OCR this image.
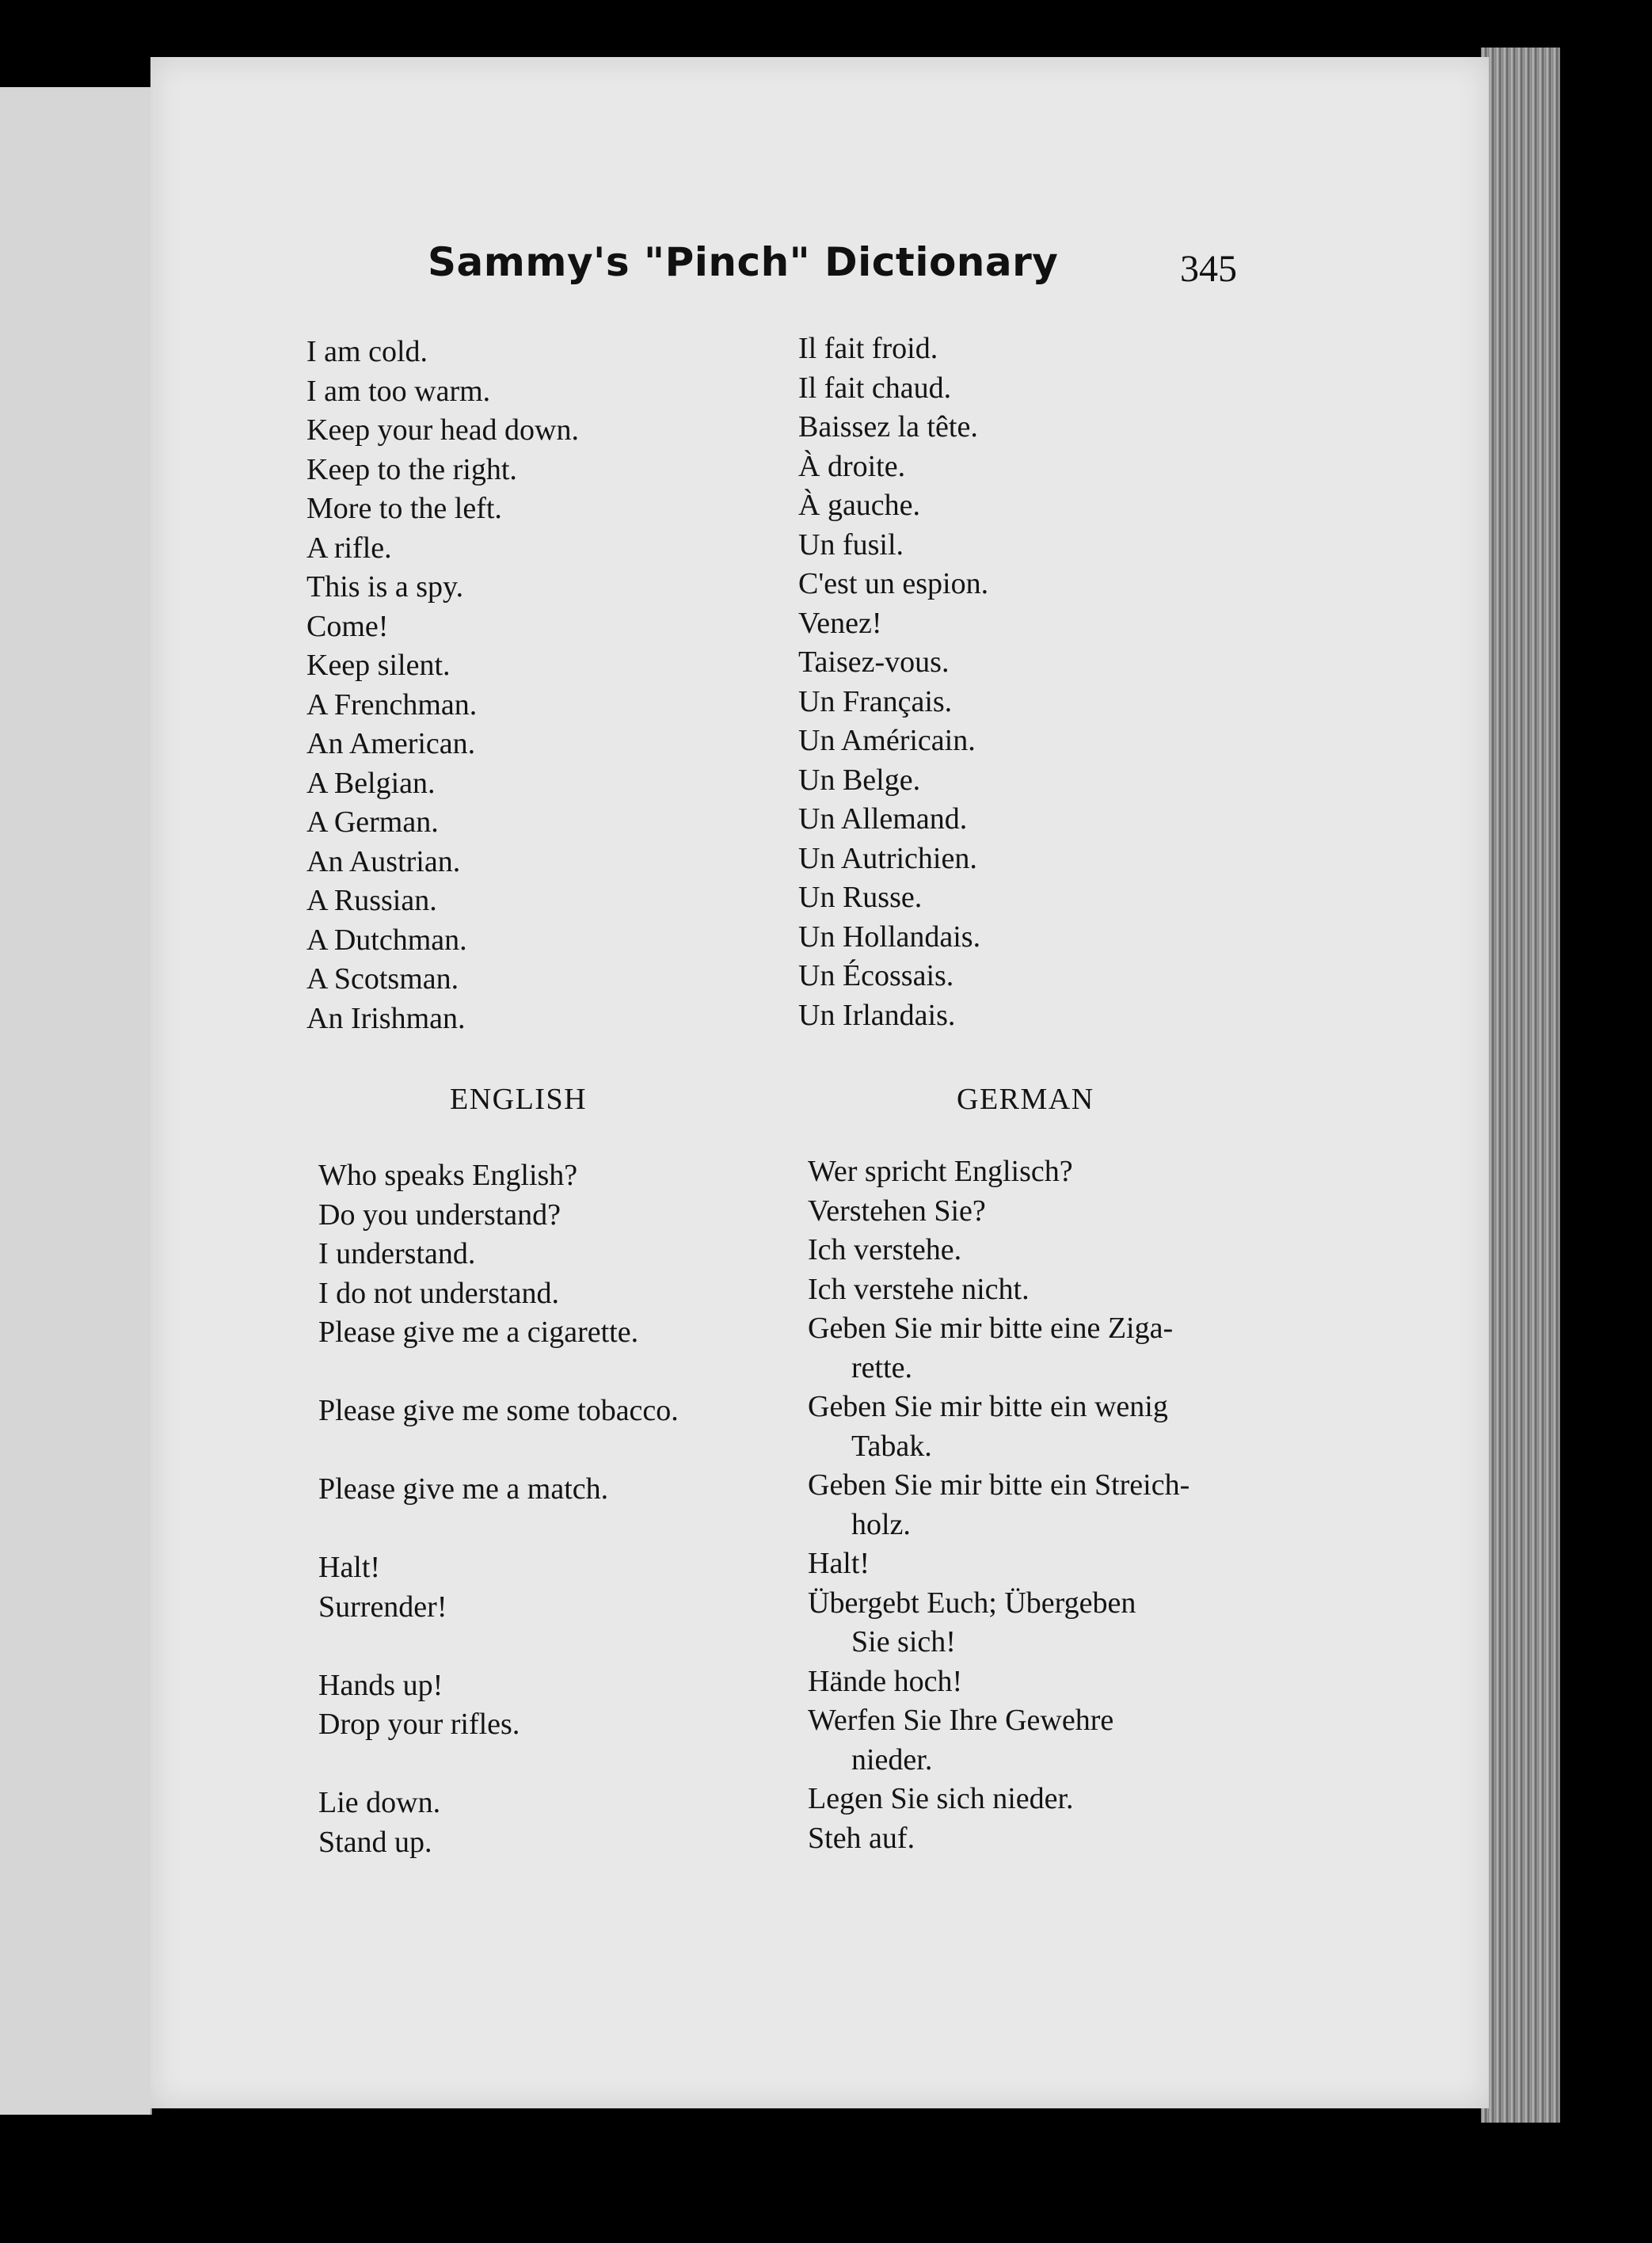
Sammy's "Pinch" Dictionary	345
I am cold.
I am too warm.
Keep your head down.
Keep to the right.
More to the left.
A rifle.
This is a spy.
Come!
Keep silent.
A Frenchman.
An American.
A Belgian.
A German.
An Austrian.
A Russian.
A Dutchman.
A Scotsman.
An Irishman.
Il fait froid.
Il fait chaud.
Baissez la tête.
À droite.
À gauche.
Un fusil.
C'est un espion.
Venez!
Taisez-vous.
Un Français.
Un Américain.
Un Belge.
Un Allemand.
Un Autrichien.
Un Russe.
Un Hollandais.
Un Écossais.
Un Irlandais.
ENGLISH	GERMAN
Who speaks English?
Do you understand?
I understand.
I do not understand.
Please give me a cigarette.
Please give me some tobacco.
Please give me a match.
Halt!
Surrender!
Hands up!
Drop your rifles.
Lie down.
Stand up.
Wer spricht Englisch?
Verstehen Sie?
Ich verstehe.
Ich verstehe nicht.
Geben Sie mir bitte eine Ziga-
rette.
Geben Sie mir bitte ein wenig
Tabak.
Geben Sie mir bitte ein Streich-
holz.
Halt!
Übergebt Euch; Übergeben
Sie sich!
Hände hoch!
Werfen Sie Ihre Gewehre
nieder.
Legen Sie sich nieder.
Steh auf.
